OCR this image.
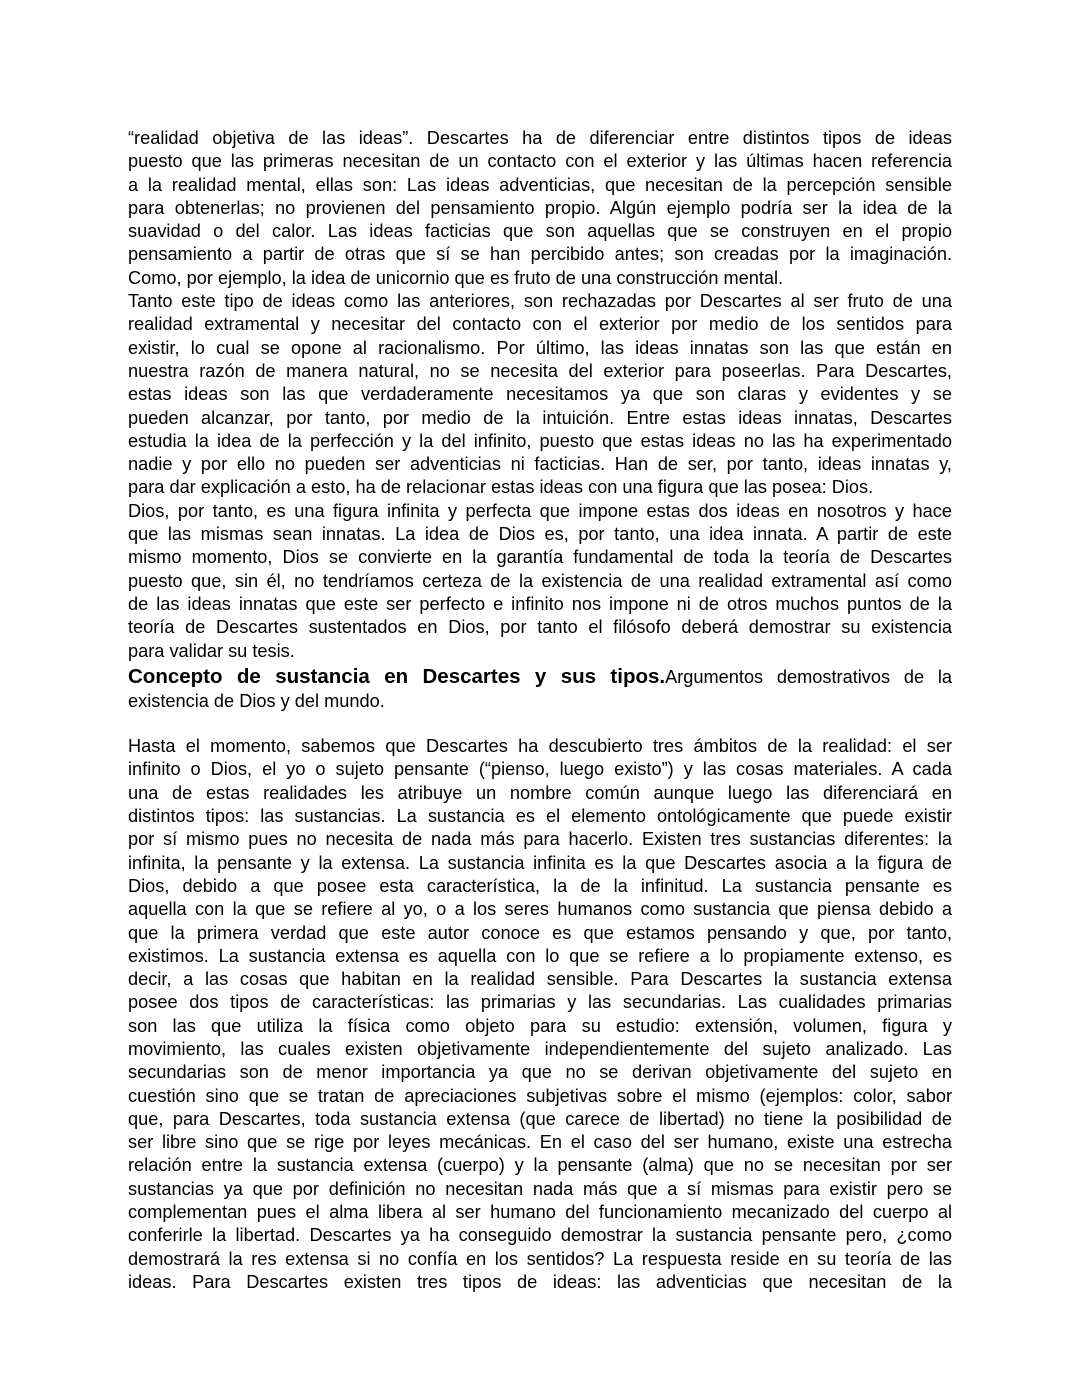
“realidad objetiva de las ideas”. Descartes ha de diferenciar entre distintos tipos de ideas
puesto que las primeras necesitan de un contacto con el exterior y las últimas hacen referencia
a la realidad mental, ellas son: Las ideas adventicias, que necesitan de la percepción sensible
para obtenerlas; no provienen del pensamiento propio. Algún ejemplo podría ser la idea de la
suavidad o del calor. Las ideas facticias que son aquellas que se construyen en el propio
pensamiento a partir de otras que sí se han percibido antes; son creadas por la imaginación.
Como, por ejemplo, la idea de unicornio que es fruto de una construcción mental.
Tanto este tipo de ideas como las anteriores, son rechazadas por Descartes al ser fruto de una
realidad extramental y necesitar del contacto con el exterior por medio de los sentidos para
existir, lo cual se opone al racionalismo. Por último, las ideas innatas son las que están en
nuestra razón de manera natural, no se necesita del exterior para poseerlas. Para Descartes,
estas ideas son las que verdaderamente necesitamos ya que son claras y evidentes y se
pueden alcanzar, por tanto, por medio de la intuición. Entre estas ideas innatas, Descartes
estudia la idea de la perfección y la del infinito, puesto que estas ideas no las ha experimentado
nadie y por ello no pueden ser adventicias ni facticias. Han de ser, por tanto, ideas innatas y,
para dar explicación a esto, ha de relacionar estas ideas con una figura que las posea: Dios.
Dios, por tanto, es una figura infinita y perfecta que impone estas dos ideas en nosotros y hace
que las mismas sean innatas. La idea de Dios es, por tanto, una idea innata. A partir de este
mismo momento, Dios se convierte en la garantía fundamental de toda la teoría de Descartes
puesto que, sin él, no tendríamos certeza de la existencia de una realidad extramental así como
de las ideas innatas que este ser perfecto e infinito nos impone ni de otros muchos puntos de la
teoría de Descartes sustentados en Dios, por tanto el filósofo deberá demostrar su existencia
para validar su tesis.
Concepto de sustancia en Descartes y sus tipos.Argumentos demostrativos de la
existencia de Dios y del mundo.
Hasta el momento, sabemos que Descartes ha descubierto tres ámbitos de la realidad: el ser
infinito o Dios, el yo o sujeto pensante (“pienso, luego existo”) y las cosas materiales. A cada
una de estas realidades les atribuye un nombre común aunque luego las diferenciará en
distintos tipos: las sustancias. La sustancia es el elemento ontológicamente que puede existir
por sí mismo pues no necesita de nada más para hacerlo. Existen tres sustancias diferentes: la
infinita, la pensante y la extensa. La sustancia infinita es la que Descartes asocia a la figura de
Dios, debido a que posee esta característica, la de la infinitud. La sustancia pensante es
aquella con la que se refiere al yo, o a los seres humanos como sustancia que piensa debido a
que la primera verdad que este autor conoce es que estamos pensando y que, por tanto,
existimos. La sustancia extensa es aquella con lo que se refiere a lo propiamente extenso, es
decir, a las cosas que habitan en la realidad sensible. Para Descartes la sustancia extensa
posee dos tipos de características: las primarias y las secundarias. Las cualidades primarias
son las que utiliza la física como objeto para su estudio: extensión, volumen, figura y
movimiento, las cuales existen objetivamente independientemente del sujeto analizado. Las
secundarias son de menor importancia ya que no se derivan objetivamente del sujeto en
cuestión sino que se tratan de apreciaciones subjetivas sobre el mismo (ejemplos: color, sabor
que, para Descartes, toda sustancia extensa (que carece de libertad) no tiene la posibilidad de
ser libre sino que se rige por leyes mecánicas. En el caso del ser humano, existe una estrecha
relación entre la sustancia extensa (cuerpo) y la pensante (alma) que no se necesitan por ser
sustancias ya que por definición no necesitan nada más que a sí mismas para existir pero se
complementan pues el alma libera al ser humano del funcionamiento mecanizado del cuerpo al
conferirle la libertad. Descartes ya ha conseguido demostrar la sustancia pensante pero, ¿como
demostrará la res extensa si no confía en los sentidos? La respuesta reside en su teoría de las
ideas. Para Descartes existen tres tipos de ideas: las adventicias que necesitan de la
